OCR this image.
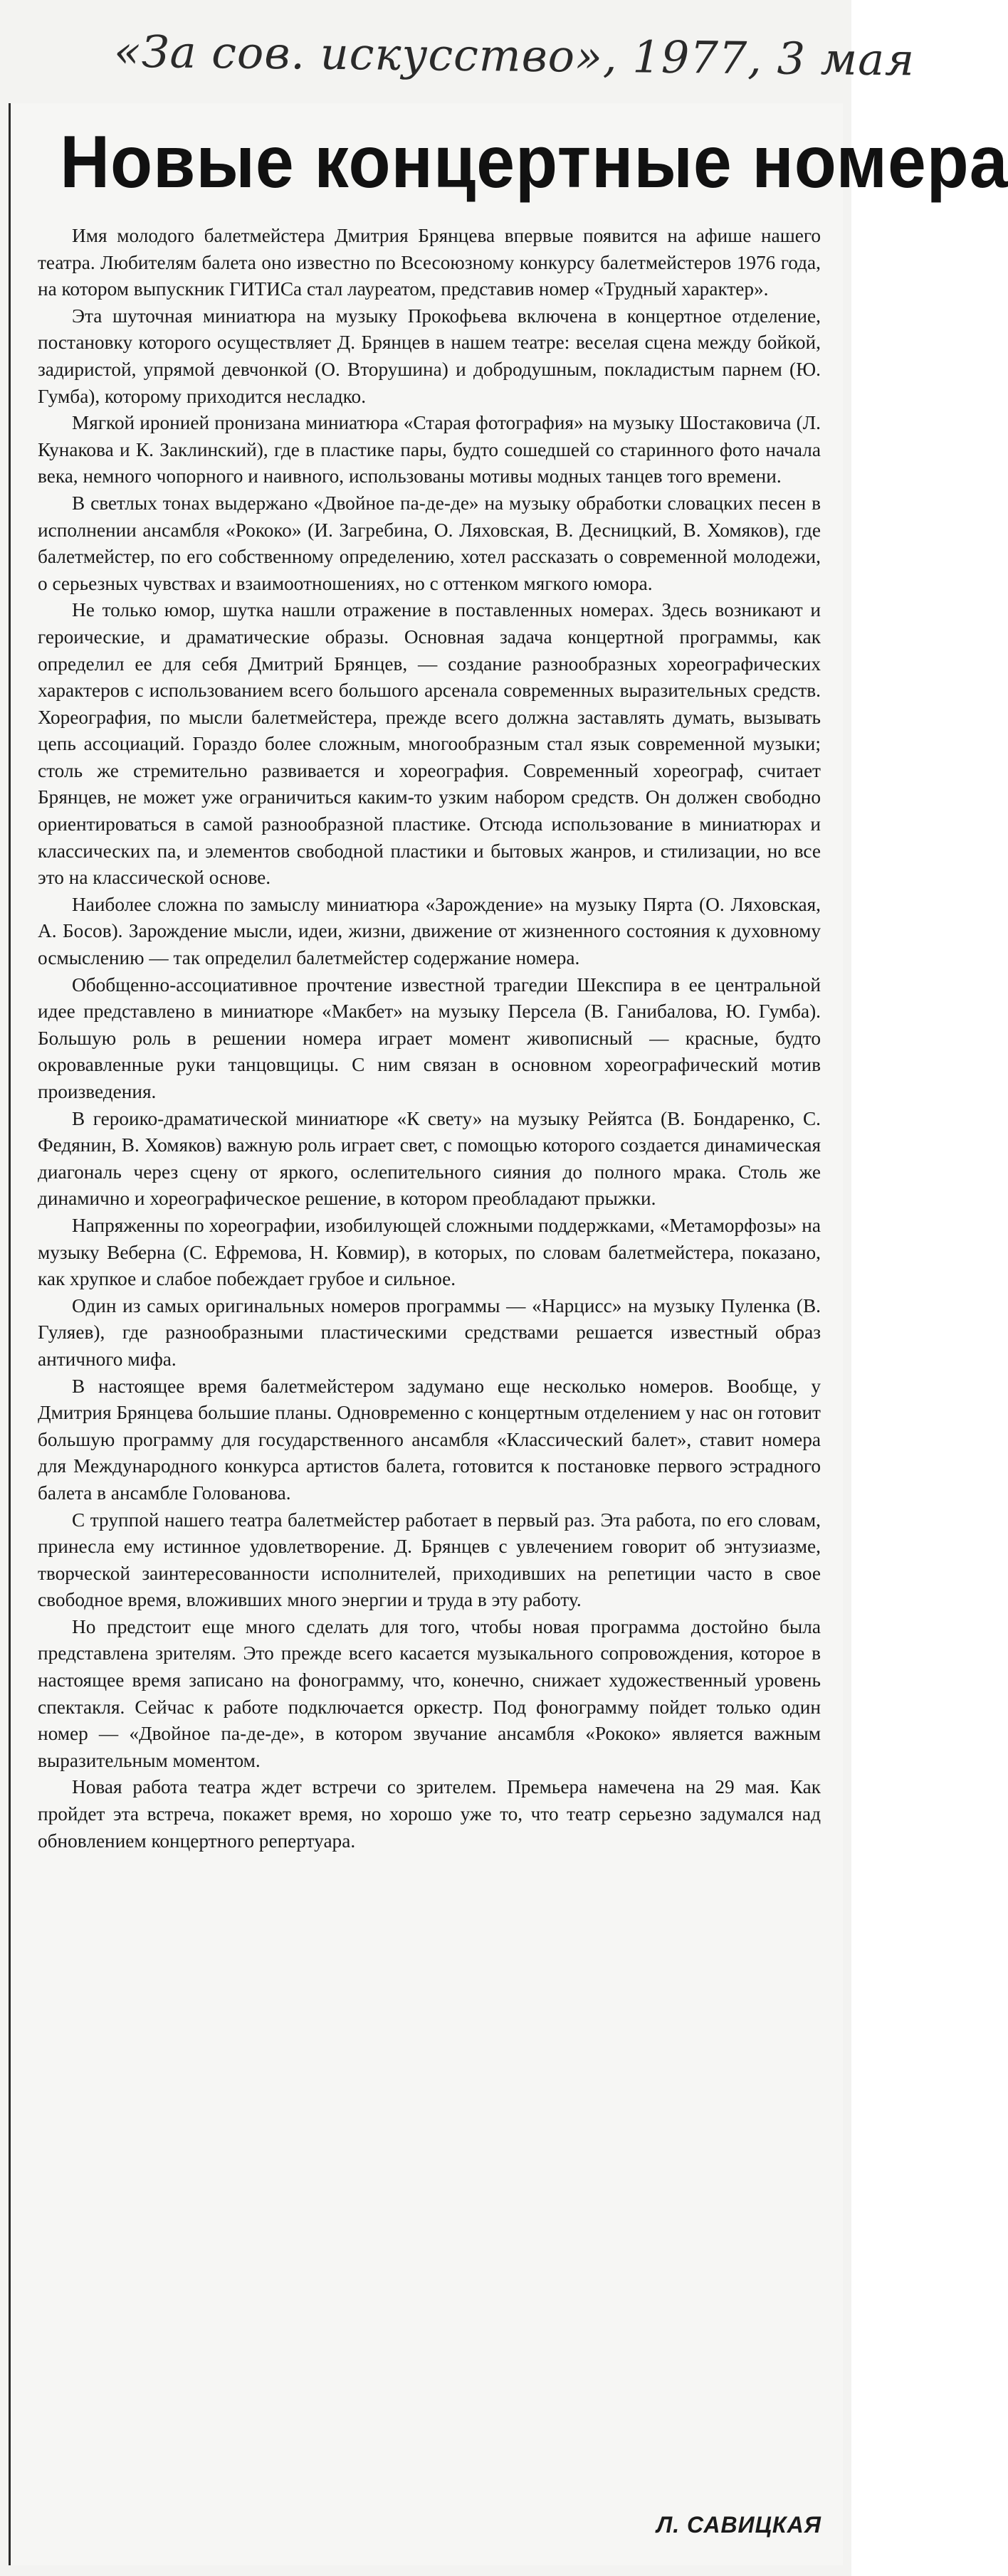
«За сов. искусство», 1977, 3 мая
Новые концертные номера

Имя молодого балетмейстера Дмитрия Брянцева впервые появится на афише нашего театра. Любителям балета оно известно по Всесоюзному конкурсу балетмейстеров 1976 года, на котором выпускник ГИТИСа стал лауреатом, представив номер «Трудный характер».

Эта шуточная миниатюра на музыку Прокофьева включена в концертное отделение, постановку которого осуществляет Д. Брянцев в нашем театре: веселая сцена между бойкой, задиристой, упрямой девчонкой (О. Вторушина) и добродушным, покладистым парнем (Ю. Гумба), которому приходится несладко.

Мягкой иронией пронизана миниатюра «Старая фотография» на музыку Шостаковича (Л. Кунакова и К. Заклинский), где в пластике пары, будто сошедшей со старинного фото начала века, немного чопорного и наивного, использованы мотивы модных танцев того времени.

В светлых тонах выдержано «Двойное па-де-де» на музыку обработки словацких песен в исполнении ансамбля «Рококо» (И. Загребина, О. Ляховская, В. Десницкий, В. Хомяков), где балетмейстер, по его собственному определению, хотел рассказать о современной молодежи, о серьезных чувствах и взаимоотношениях, но с оттенком мягкого юмора.

Не только юмор, шутка нашли отражение в поставленных номерах. Здесь возникают и героические, и драматические образы. Основная задача концертной программы, как определил ее для себя Дмитрий Брянцев, — создание разнообразных хореографических характеров с использованием всего большого арсенала современных выразительных средств. Хореография, по мысли балетмейстера, прежде всего должна заставлять думать, вызывать цепь ассоциаций. Гораздо более сложным, многообразным стал язык современной музыки; столь же стремительно развивается и хореография. Современный хореограф, считает Брянцев, не может уже ограничиться каким-то узким набором средств. Он должен свободно ориентироваться в самой разнообразной пластике. Отсюда использование в миниатюрах и классических па, и элементов свободной пластики и бытовых жанров, и стилизации, но все это на классической основе.

Наиболее сложна по замыслу миниатюра «Зарождение» на музыку Пярта (О. Ляховская, А. Босов). Зарождение мысли, идеи, жизни, движение от жизненного состояния к духовному осмыслению — так определил балетмейстер содержание номера.

Обобщенно-ассоциативное прочтение известной трагедии Шекспира в ее центральной идее представлено в миниатюре «Макбет» на музыку Персела (В. Ганибалова, Ю. Гумба). Большую роль в решении номера играет момент живописный — красные, будто окровавленные руки танцовщицы. С ним связан в основном хореографический мотив произведения.

В героико-драматической миниатюре «К свету» на музыку Рейятса (В. Бондаренко, С. Федянин, В. Хомяков) важную роль играет свет, с помощью которого создается динамическая диагональ через сцену от яркого, ослепительного сияния до полного мрака. Столь же динамично и хореографическое решение, в котором преобладают прыжки.

Напряженны по хореографии, изобилующей сложными поддержками, «Метаморфозы» на музыку Веберна (С. Ефремова, Н. Ковмир), в которых, по словам балетмейстера, показано, как хрупкое и слабое побеждает грубое и сильное.

Один из самых оригинальных номеров программы — «Нарцисс» на музыку Пуленка (В. Гуляев), где разнообразными пластическими средствами решается известный образ античного мифа.

В настоящее время балетмейстером задумано еще несколько номеров. Вообще, у Дмитрия Брянцева большие планы. Одновременно с концертным отделением у нас он готовит большую программу для государственного ансамбля «Классический балет», ставит номера для Международного конкурса артистов балета, готовится к постановке первого эстрадного балета в ансамбле Голованова.

С труппой нашего театра балетмейстер работает в первый раз. Эта работа, по его словам, принесла ему истинное удовлетворение. Д. Брянцев с увлечением говорит об энтузиазме, творческой заинтересованности исполнителей, приходивших на репетиции часто в свое свободное время, вложивших много энергии и труда в эту работу.

Но предстоит еще много сделать для того, чтобы новая программа достойно была представлена зрителям. Это прежде всего касается музыкального сопровождения, которое в настоящее время записано на фонограмму, что, конечно, снижает художественный уровень спектакля. Сейчас к работе подключается оркестр. Под фонограмму пойдет только один номер — «Двойное па-де-де», в котором звучание ансамбля «Рококо» является важным выразительным моментом.

Новая работа театра ждет встречи со зрителем. Премьера намечена на 29 мая. Как пройдет эта встреча, покажет время, но хорошо уже то, что театр серьезно задумался над обновлением концертного репертуара.

Л. САВИЦКАЯ
